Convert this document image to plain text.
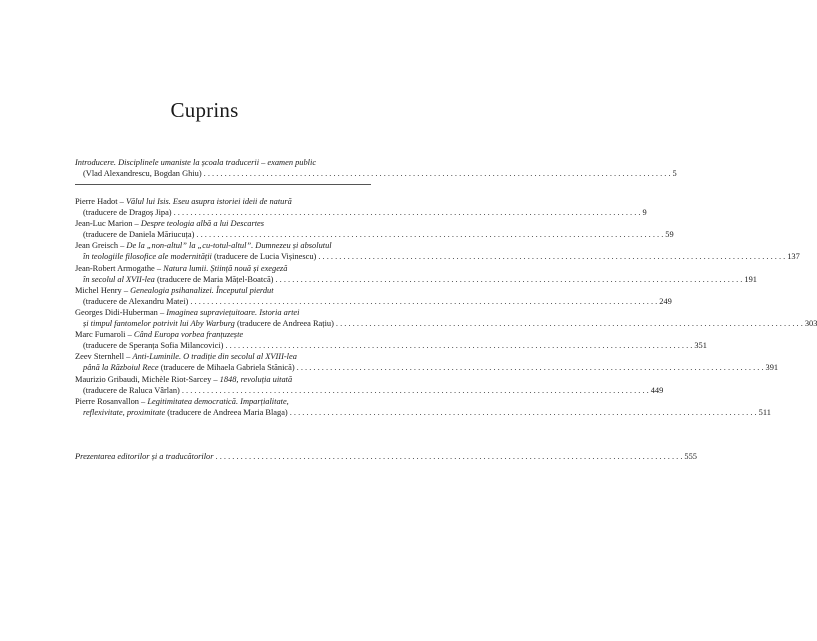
Cuprins
Introducere. Disciplinele umaniste la școala traducerii – examen public
(Vlad Alexandrescu, Bogdan Ghiu) . . .	5
Pierre Hadot – Vălul lui Isis. Eseu asupra istoriei ideii de natură
(traducere de Dragoș Jipa) . . .	9
Jean-Luc Marion – Despre teologia albă a lui Descartes
(traducere de Daniela Măriucuța) . . .	59
Jean Greisch – De la „non-altul” la „cu-totul-altul”. Dumnezeu și absolutul
în teologiile filosofice ale modernității (traducere de Lucia Vișinescu) . . .	137
Jean-Robert Armogathe – Natura lumii. Știință nouă și exegeză
în secolul al XVII-lea (traducere de Maria Mățel-Boatcă) . . .	191
Michel Henry – Genealogia psihanalizei. Începutul pierdut
(traducere de Alexandru Matei) . . .	249
Georges Didi-Huberman – Imaginea supraviețuitoare. Istoria artei
și timpul fantomelor potrivit lui Aby Warburg (traducere de Andreea Rațiu) . . .	303
Marc Fumaroli – Când Europa vorbea franțuzește
(traducere de Speranța Sofia Milancovici) . . .	351
Zeev Sternhell – Anti-Luminile. O tradiție din secolul al XVIII-lea
până la Războiul Rece (traducere de Mihaela Gabriela Stănică) . . .	391
Maurizio Gribaudi, Michèle Riot-Sarcey – 1848, revoluția uitată
(traducere de Raluca Vârlan) . . .	449
Pierre Rosanvallon – Legitimitatea democratică. Imparțialitate,
reflexivitate, proximitate (traducere de Andreea Maria Blaga) . . .	511
Prezentarea editorilor și a traducătorilor . . .	555
